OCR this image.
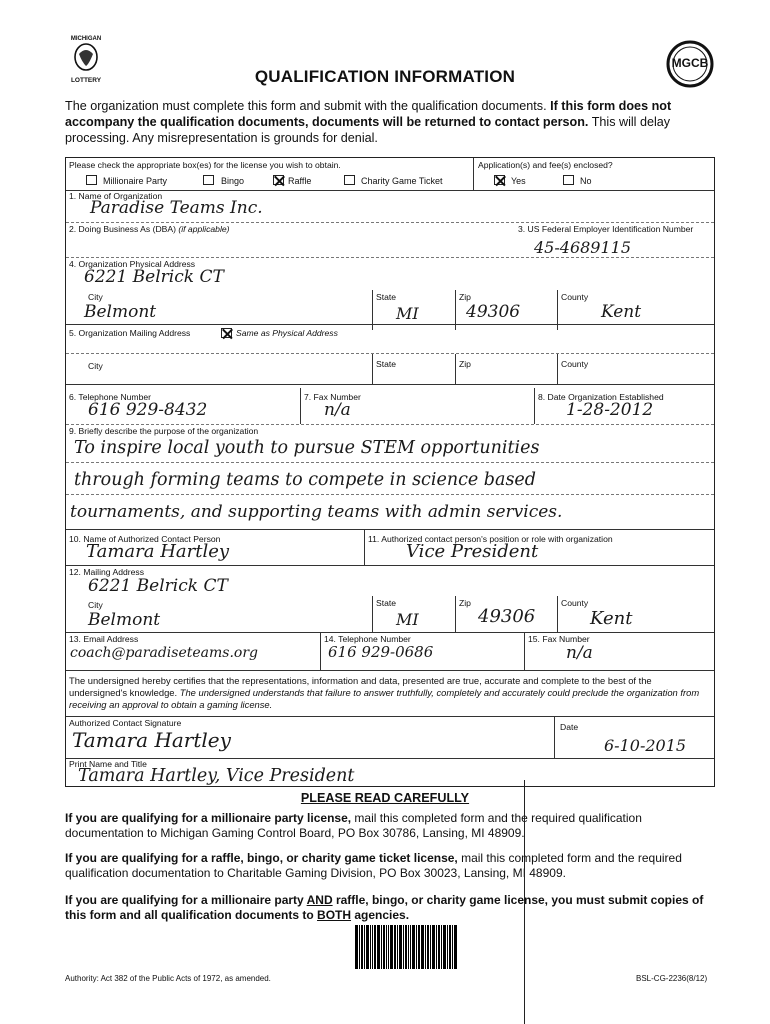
MICHIGAN
LOTTERY
MGCB
QUALIFICATION INFORMATION
The organization must complete this form and submit with the qualification documents. If this form does not accompany the qualification documents, documents will be returned to contact person. This will delay processing. Any misrepresentation is grounds for denial.
Please check the appropriate box(es) for the license you wish to obtain.
Millionaire Party	Bingo	Raffle	Charity Game Ticket
Application(s) and fee(s) enclosed?
Yes	No
1. Name of Organization
Paradise Teams Inc.
2. Doing Business As (DBA) (if applicable)	3. US Federal Employer Identification Number
45-4689115
4. Organization Physical Address
6221 Belrick CT
City	State	Zip	County
Belmont	MI	49306	Kent
5. Organization Mailing Address	Same as Physical Address
City	State	Zip	County
6. Telephone Number
616 929-8432
7. Fax Number
n/a
8. Date Organization Established
1-28-2012
9. Briefly describe the purpose of the organization
To inspire local youth to pursue STEM opportunities
through forming teams to compete in science based
tournaments, and supporting teams with admin services.
10. Name of Authorized Contact Person
Tamara Hartley
11. Authorized contact person's position or role with organization
Vice President
12. Mailing Address
6221 Belrick CT
City	State	Zip	County
Belmont	MI	49306	Kent
13. Email Address
coach@paradiseteams.org
14. Telephone Number
616 929-0686
15. Fax Number
n/a
The undersigned hereby certifies that the representations, information and data, presented are true, accurate and complete to the best of the undersigned's knowledge. The undersigned understands that failure to answer truthfully, completely and accurately could preclude the organization from receiving an approval to obtain a gaming license.
Authorized Contact Signature
Tamara Hartley
Date
6-10-2015
Print Name and Title
Tamara Hartley, Vice President
PLEASE READ CAREFULLY
If you are qualifying for a millionaire party license, mail this completed form and the required qualification documentation to Michigan Gaming Control Board, PO Box 30786, Lansing, MI 48909.
If you are qualifying for a raffle, bingo, or charity game ticket license, mail this completed form and the required qualification documentation to Charitable Gaming Division, PO Box 30023, Lansing, MI 48909.
If you are qualifying for a millionaire party AND raffle, bingo, or charity game license, you must submit copies of this form and all qualification documents to BOTH agencies.
Authority: Act 382 of the Public Acts of 1972, as amended.	BSL-CG-2236(8/12)
